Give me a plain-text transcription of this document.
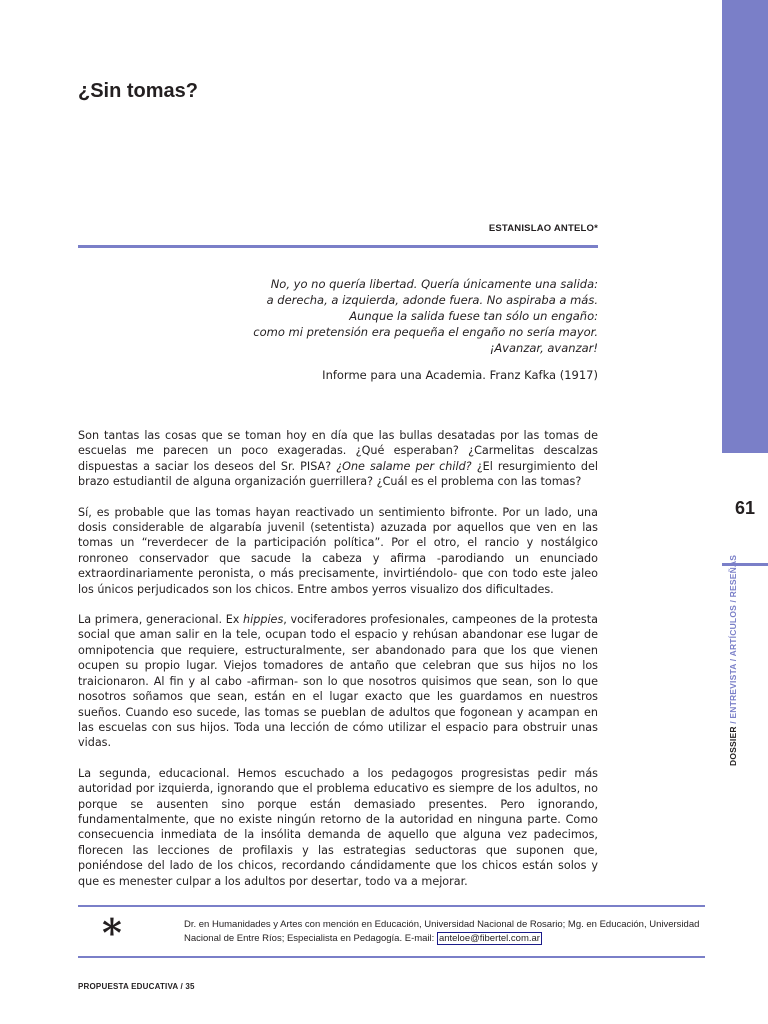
61
DOSSIER / ENTREVISTA / ARTÍCULOS / RESEÑAS
¿Sin tomas?
ESTANISLAO ANTELO*
No, yo no quería libertad. Quería únicamente una salida:
a derecha, a izquierda, adonde fuera. No aspiraba a más.
Aunque la salida fuese tan sólo un engaño:
como mi pretensión era pequeña el engaño no sería mayor.
¡Avanzar, avanzar!
Informe para una Academia. Franz Kafka (1917)

Son tantas las cosas que se toman hoy en día que las bullas desatadas por las tomas de escuelas me parecen un poco exageradas. ¿Qué esperaban? ¿Carmelitas descalzas dispuestas a saciar los deseos del Sr. PISA? ¿One salame per child? ¿El resurgimiento del brazo estudiantil de alguna organización guerrillera? ¿Cuál es el problema con las tomas?

Sí, es probable que las tomas hayan reactivado un sentimiento bifronte. Por un lado, una dosis considerable de algarabía juvenil (setentista) azuzada por aquellos que ven en las tomas un “reverdecer de la participación política”. Por el otro, el rancio y nostálgico ronroneo conservador que sacude la cabeza y afirma -parodiando un enunciado extraordinariamente peronista, o más precisamente, invirtiéndolo- que con todo este jaleo los únicos perjudicados son los chicos. Entre ambos yerros visualizo dos dificultades.

La primera, generacional. Ex hippies, vociferadores profesionales, campeones de la protesta social que aman salir en la tele, ocupan todo el espacio y rehúsan abandonar ese lugar de omnipotencia que requiere, estructuralmente, ser abandonado para que los que vienen ocupen su propio lugar. Viejos tomadores de antaño que celebran que sus hijos no los traicionaron. Al fin y al cabo -afirman- son lo que nosotros quisimos que sean, son lo que nosotros soñamos que sean, están en el lugar exacto que les guardamos en nuestros sueños. Cuando eso sucede, las tomas se pueblan de adultos que fogonean y acampan en las escuelas con sus hijos. Toda una lección de cómo utilizar el espacio para obstruir unas vidas.

La segunda, educacional. Hemos escuchado a los pedagogos progresistas pedir más autoridad por izquierda, ignorando que el problema educativo es siempre de los adultos, no porque se ausenten sino porque están demasiado presentes. Pero ignorando, fundamentalmente, que no existe ningún retorno de la autoridad en ninguna parte. Como consecuencia inmediata de la insólita demanda de aquello que alguna vez padecimos, florecen las lecciones de profilaxis y las estrategias seductoras que suponen que, poniéndose del lado de los chicos, recordando cándidamente que los chicos están solos y que es menester culpar a los adultos por desertar, todo va a mejorar.

*	Dr. en Humanidades y Artes con mención en Educación, Universidad Nacional de Rosario; Mg. en Educación, Universidad Nacional de Entre Ríos; Especialista en Pedagogía. E-mail: anteloe@fibertel.com.ar
PROPUESTA EDUCATIVA / 35
